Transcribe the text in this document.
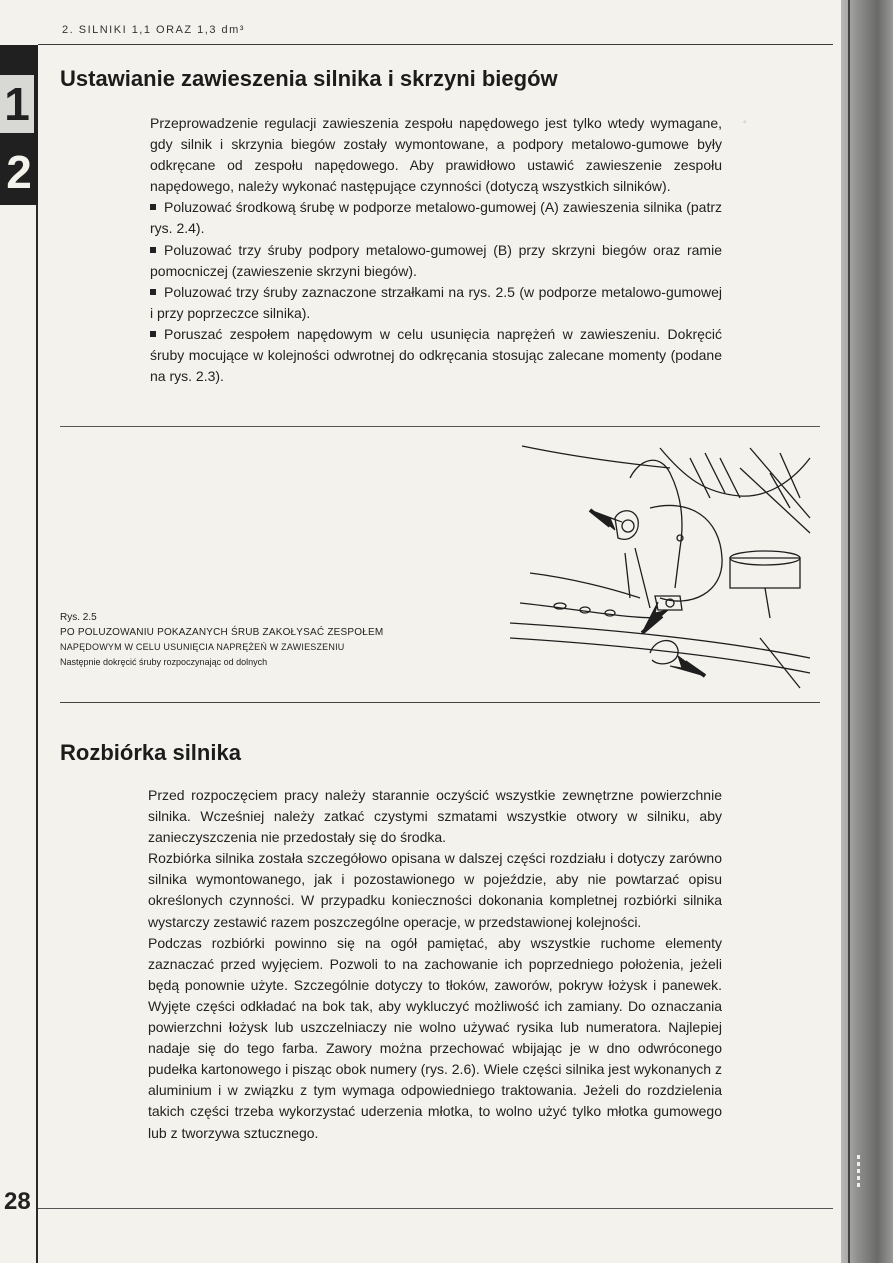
1
2
◦
2. SILNIKI 1,1 ORAZ 1,3 dm³
Ustawianie zawieszenia silnika i skrzyni biegów

Przeprowadzenie regulacji zawieszenia zespołu napędowego jest tylko wtedy wymagane, gdy silnik i skrzynia biegów zostały wymontowane, a podpory metalowo-gumowe były odkręcane od zespołu napędowego. Aby prawidłowo ustawić zawieszenie zespołu napędowego, należy wykonać następujące czynności (dotyczą wszystkich silników).

Poluzować środkową śrubę w podporze metalowo-gumowej (A) zawieszenia silnika (patrz rys. 2.4).

Poluzować trzy śruby podpory metalowo-gumowej (B) przy skrzyni biegów oraz ramie pomocniczej (zawieszenie skrzyni biegów).

Poluzować trzy śruby zaznaczone strzałkami na rys. 2.5 (w podporze metalowo-gumowej i przy poprzeczce silnika).

Poruszać zespołem napędowym w celu usunięcia naprężeń w zawieszeniu. Dokręcić śruby mocujące w kolejności odwrotnej do odkręcania stosując zalecane momenty (podane na rys. 2.3).

Rys. 2.5
PO POLUZOWANIU POKAZANYCH ŚRUB ZAKOŁYSAĆ ZESPOŁEM
NAPĘDOWYM W CELU USUNIĘCIA NAPRĘŻEŃ W ZAWIESZENIU
Następnie dokręcić śruby rozpoczynając od dolnych
Rozbiórka silnika

Przed rozpoczęciem pracy należy starannie oczyścić wszystkie zewnętrzne powierzchnie silnika. Wcześniej należy zatkać czystymi szmatami wszystkie otwory w silniku, aby zanieczyszczenia nie przedostały się do środka.

Rozbiórka silnika została szczegółowo opisana w dalszej części rozdziału i dotyczy zarówno silnika wymontowanego, jak i pozostawionego w pojeździe, aby nie powtarzać opisu określonych czynności. W przypadku konieczności dokonania kompletnej rozbiórki silnika wystarczy zestawić razem poszczególne operacje, w przedstawionej kolejności.

Podczas rozbiórki powinno się na ogół pamiętać, aby wszystkie ruchome elementy zaznaczać przed wyjęciem. Pozwoli to na zachowanie ich poprzedniego położenia, jeżeli będą ponownie użyte. Szczególnie dotyczy to tłoków, zaworów, pokryw łożysk i panewek. Wyjęte części odkładać na bok tak, aby wykluczyć możliwość ich zamiany. Do oznaczania powierzchni łożysk lub uszczelniaczy nie wolno używać rysika lub numeratora. Najlepiej nadaje się do tego farba. Zawory można przechować wbijając je w dno odwróconego pudełka kartonowego i pisząc obok numery (rys. 2.6). Wiele części silnika jest wykonanych z aluminium i w związku z tym wymaga odpowiedniego traktowania. Jeżeli do rozdzielenia takich części trzeba wykorzystać uderzenia młotka, to wolno użyć tylko młotka gumowego lub z tworzywa sztucznego.

28
